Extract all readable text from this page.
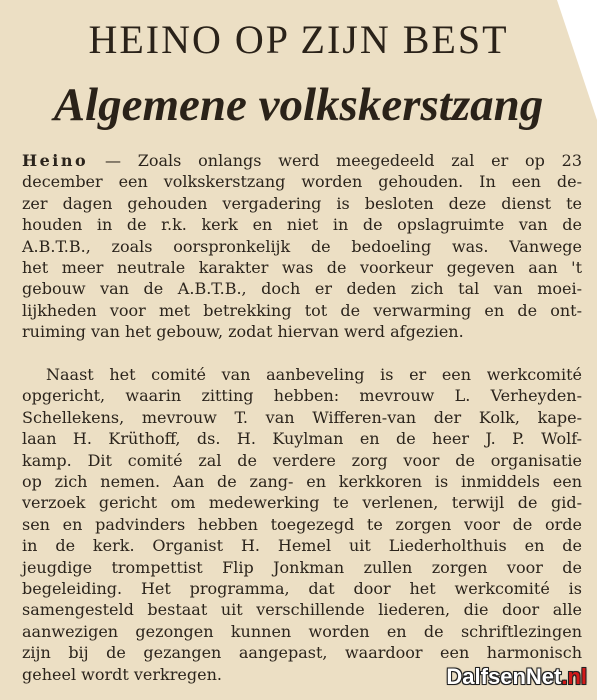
HEINO OP ZIJN BEST
Algemene volkskerstzang
Heino — Zoals onlangs werd meegedeeld zal er op 23
december een volkskerstzang worden gehouden. In een de-
zer dagen gehouden vergadering is besloten deze dienst te
houden in de r.k. kerk en niet in de opslagruimte van de
A.B.T.B., zoals oorspronkelijk de bedoeling was. Vanwege
het meer neutrale karakter was de voorkeur gegeven aan 't
gebouw van de A.B.T.B., doch er deden zich tal van moei-
lijkheden voor met betrekking tot de verwarming en de ont-
ruiming van het gebouw, zodat hiervan werd afgezien.
Naast het comité van aanbeveling is er een werkcomité
opgericht, waarin zitting hebben: mevrouw L. Verheyden-
Schellekens, mevrouw T. van Wifferen-van der Kolk, kape-
laan H. Krüthoff, ds. H. Kuylman en de heer J. P. Wolf-
kamp. Dit comité zal de verdere zorg voor de organisatie
op zich nemen. Aan de zang- en kerkkoren is inmiddels een
verzoek gericht om medewerking te verlenen, terwijl de gid-
sen en padvinders hebben toegezegd te zorgen voor de orde
in de kerk. Organist H. Hemel uit Liederholthuis en de
jeugdige trompettist Flip Jonkman zullen zorgen voor de
begeleiding. Het programma, dat door het werkcomité is
samengesteld bestaat uit verschillende liederen, die door alle
aanwezigen gezongen kunnen worden en de schriftlezingen
zijn bij de gezangen aangepast, waardoor een harmonisch
geheel wordt verkregen.	DalfsenNet.nl
